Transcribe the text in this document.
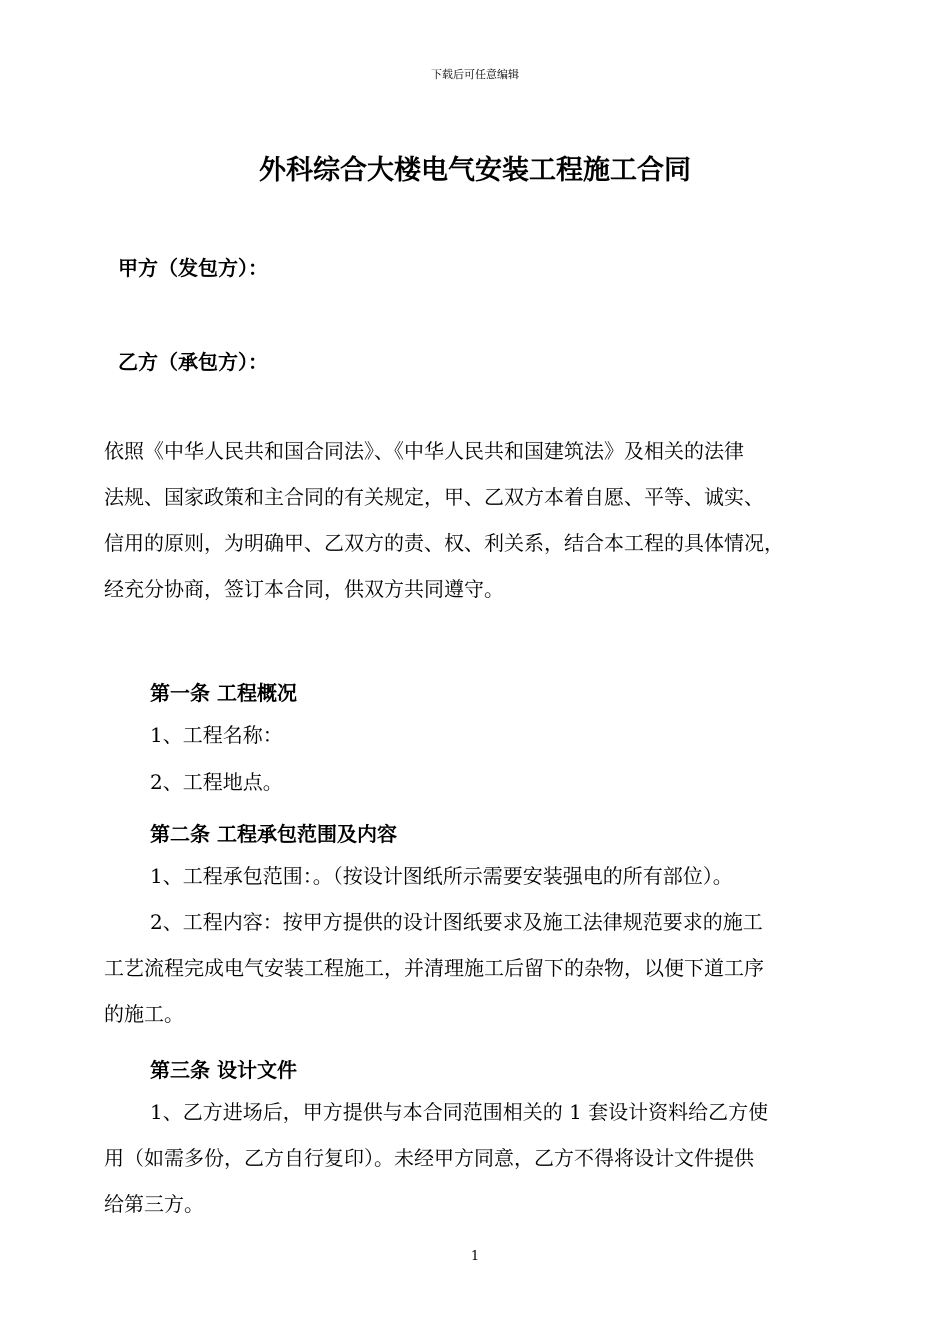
下载后可任意编辑
外科综合大楼电气安装工程施工合同
甲方（发包方）：
乙方（承包方）：
依照《中华人民共和国合同法》、《中华人民共和国建筑法》及相关的法律
法规、国家政策和主合同的有关规定，甲、乙双方本着自愿、平等、诚实、
信用的原则，为明确甲、乙双方的责、权、利关系，结合本工程的具体情况，
经充分协商，签订本合同，供双方共同遵守。
第一条 工程概况
1、工程名称：
2、工程地点。
第二条 工程承包范围及内容
1、工程承包范围：。（按设计图纸所示需要安装强电的所有部位）。
2、工程内容：按甲方提供的设计图纸要求及施工法律规范要求的施工
工艺流程完成电气安装工程施工，并清理施工后留下的杂物，以便下道工序
的施工。
第三条 设计文件
1、乙方进场后，甲方提供与本合同范围相关的 1 套设计资料给乙方使
用（如需多份，乙方自行复印）。未经甲方同意，乙方不得将设计文件提供
给第三方。
1
